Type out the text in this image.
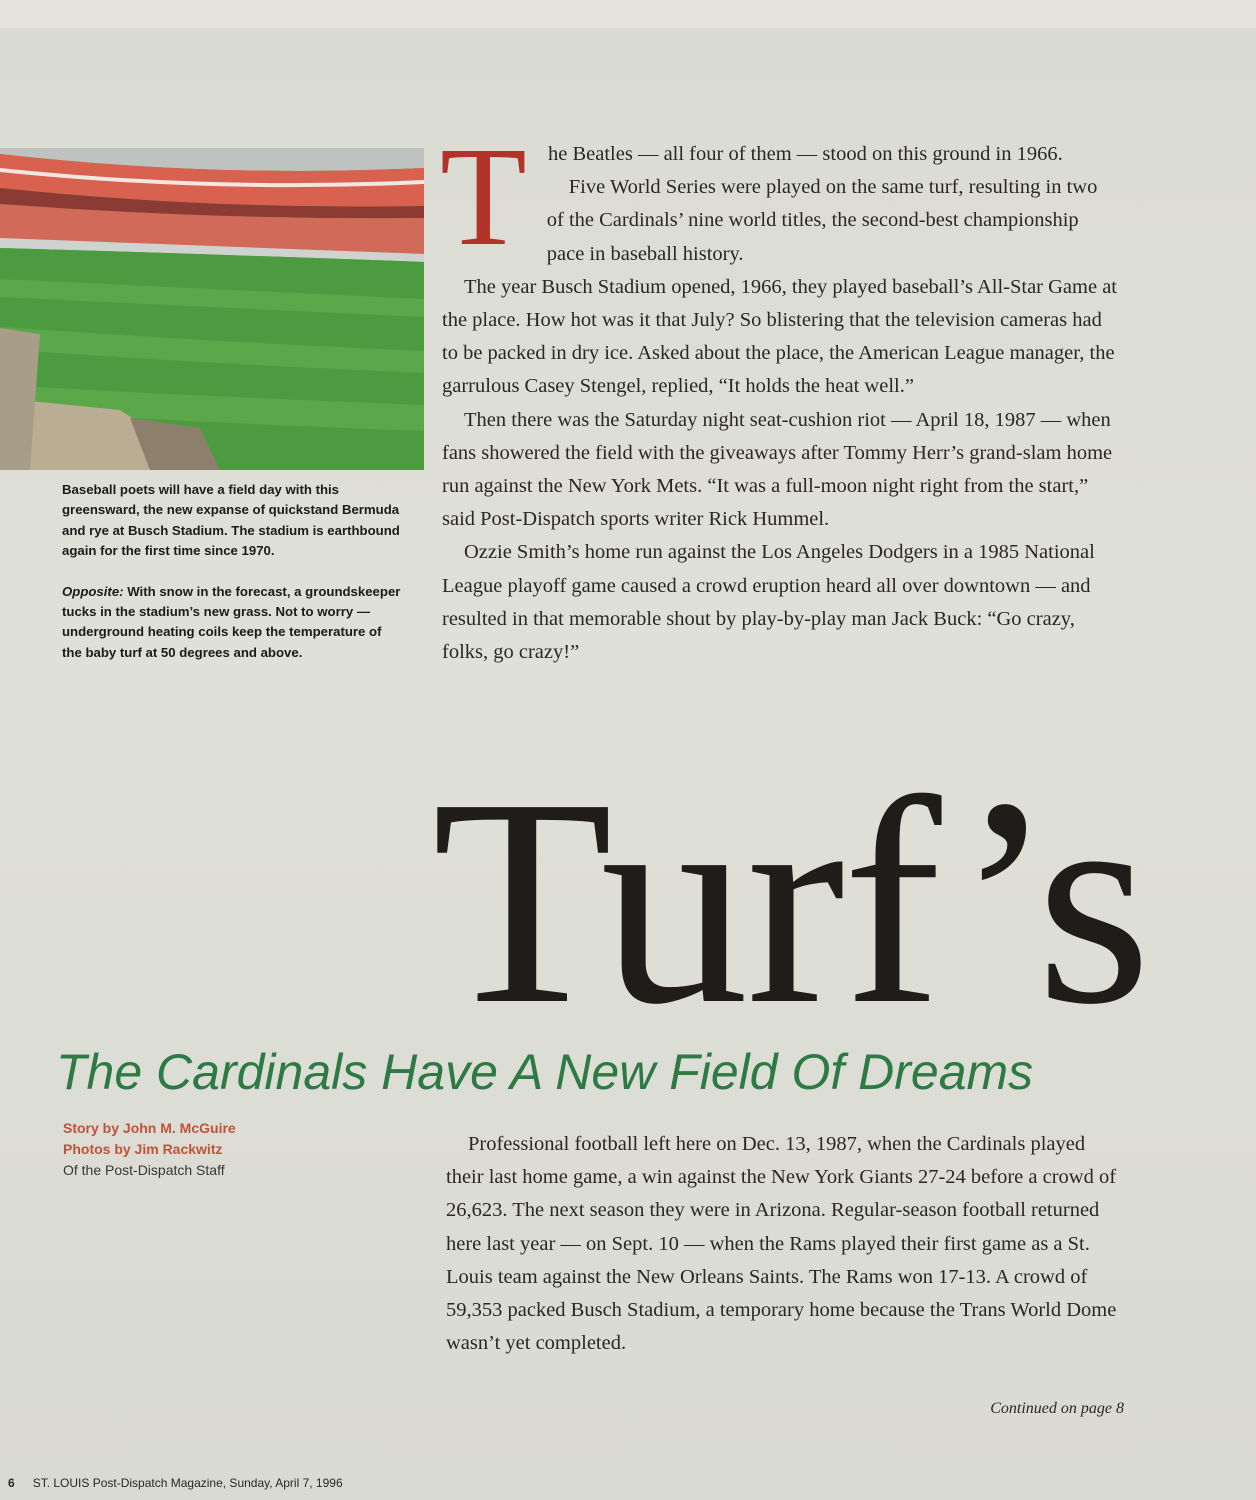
Baseball poets will have a field day with this greensward, the new expanse of quickstand Bermuda and rye at Busch Stadium. The stadium is earthbound again for the first time since 1970.

Opposite: With snow in the forecast, a groundskeeper tucks in the stadium’s new grass. Not to worry — underground heating coils keep the temperature of the baby turf at 50 degrees and above.

T	he Beatles — all four of them — stood on this ground in 1966.

Five World Series were played on the same turf, resulting in two of the Cardinals’ nine world titles, the second-best championship pace in baseball history.

The year Busch Stadium opened, 1966, they played baseball’s All-Star Game at the place. How hot was it that July? So blistering that the television cameras had to be packed in dry ice. Asked about the place, the American League manager, the garrulous Casey Stengel, replied, “It holds the heat well.”

Then there was the Saturday night seat-cushion riot — April 18, 1987 — when fans showered the field with the giveaways after Tommy Herr’s grand-slam home run against the New York Mets. “It was a full-moon night right from the start,” said Post-Dispatch sports writer Rick Hummel.

Ozzie Smith’s home run against the Los Angeles Dodgers in a 1985 National League playoff game caused a crowd eruption heard all over downtown — and resulted in that memorable shout by play-by-play man Jack Buck: “Go crazy, folks, go crazy!”

Turf’s
The Cardinals Have A New Field Of Dreams
Story by John M. McGuire
Photos by Jim Rackwitz
Of the Post-Dispatch Staff

Professional football left here on Dec. 13, 1987, when the Cardinals played their last home game, a win against the New York Giants 27-24 before a crowd of 26,623. The next season they were in Arizona. Regular-season football returned here last year — on Sept. 10 — when the Rams played their first game as a St. Louis team against the New Orleans Saints. The Rams won 17-13. A crowd of 59,353 packed Busch Stadium, a temporary home because the Trans World Dome wasn’t yet completed.

Continued on page 8
6 ST. LOUIS Post-Dispatch Magazine, Sunday, April 7, 1996
